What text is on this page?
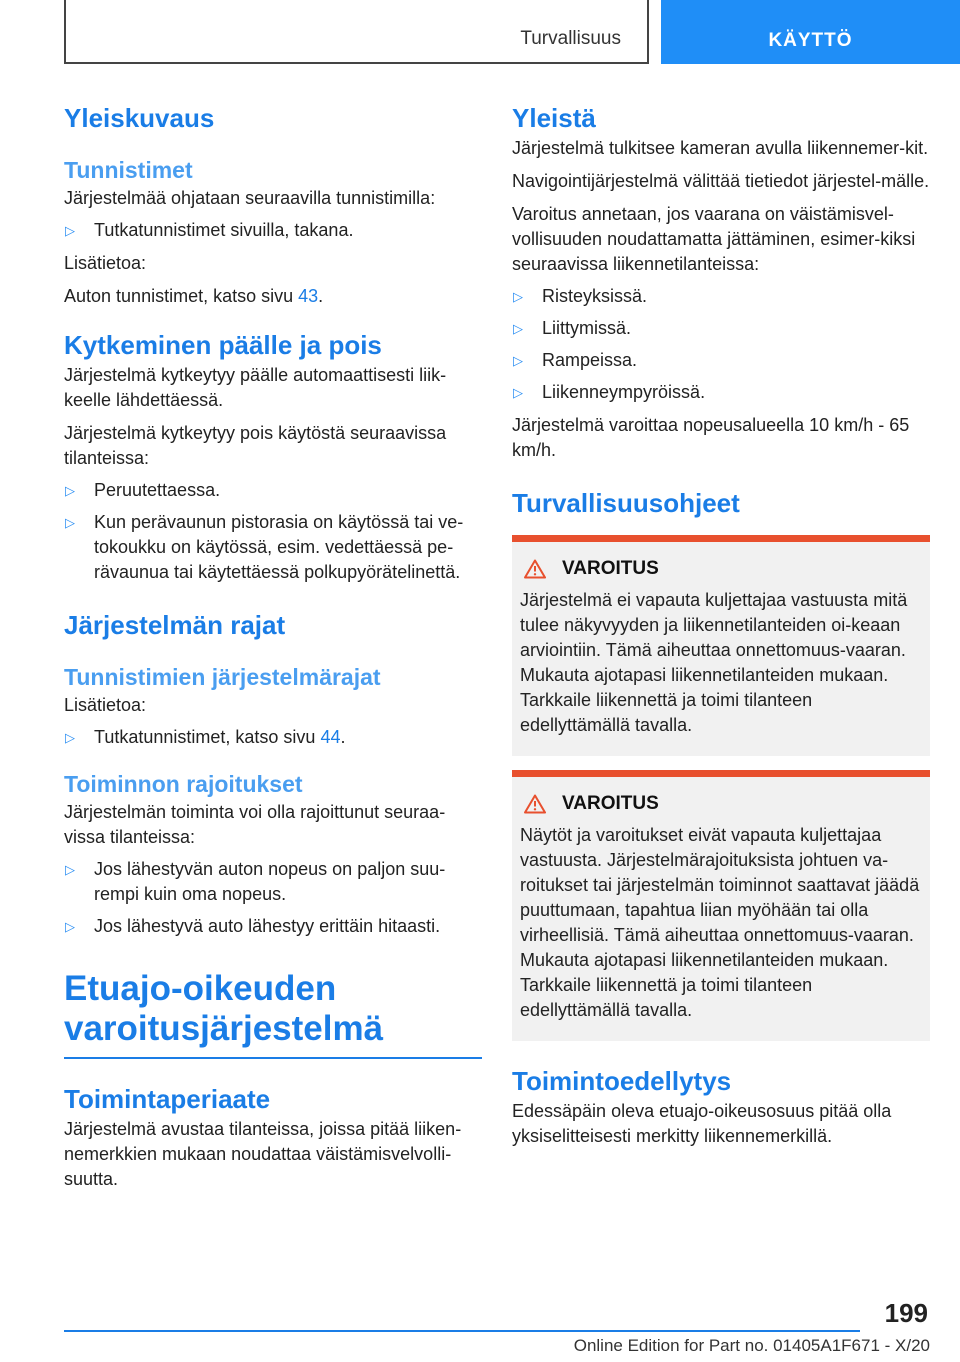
Turvallisuus	KÄYTTÖ
Yleiskuvaus
Tunnistimet

Järjestelmää ohjataan seuraavilla tunnistimilla:

▷	Tutkatunnistimet sivuilla, takana.

Lisätietoa:

Auton tunnistimet, katso sivu 43.

Kytkeminen päälle ja pois

Järjestelmä kytkeytyy päälle automaattisesti liik-keelle lähdettäessä.

Järjestelmä kytkeytyy pois käytöstä seuraavissa tilanteissa:

▷	Peruutettaessa.
▷	Kun perävaunun pistorasia on käytössä tai ve-tokoukku on käytössä, esim. vedettäessä pe-rävaunua tai käytettäessä polkupyörätelinettä.
Järjestelmän rajat
Tunnistimien järjestelmärajat

Lisätietoa:

▷	Tutkatunnistimet, katso sivu 44.
Toiminnon rajoitukset

Järjestelmän toiminta voi olla rajoittunut seuraa-vissa tilanteissa:

▷	Jos lähestyvän auton nopeus on paljon suu-rempi kuin oma nopeus.
▷	Jos lähestyvä auto lähestyy erittäin hitaasti.
Etuajo-oikeuden
varoitusjärjestelmä
Toimintaperiaate

Järjestelmä avustaa tilanteissa, joissa pitää liiken-nemerkkien mukaan noudattaa väistämisvelvolli-suutta.

Yleistä

Järjestelmä tulkitsee kameran avulla liikennemer-kit.

Navigointijärjestelmä välittää tietiedot järjestel-mälle.

Varoitus annetaan, jos vaarana on väistämisvel-vollisuuden noudattamatta jättäminen, esimer-kiksi seuraavissa liikennetilanteissa:

▷	Risteyksissä.
▷	Liittymissä.
▷	Rampeissa.
▷	Liikenneympyröissä.

Järjestelmä varoittaa nopeusalueella 10 km/h - 65 km/h.

Turvallisuusohjeet
VAROITUS

Järjestelmä ei vapauta kuljettajaa vastuusta mitä tulee näkyvyyden ja liikennetilanteiden oi-keaan arviointiin. Tämä aiheuttaa onnettomuus-vaaran. Mukauta ajotapasi liikennetilanteiden mukaan. Tarkkaile liikennettä ja toimi tilanteen edellyttämällä tavalla.

VAROITUS

Näytöt ja varoitukset eivät vapauta kuljettajaa vastuusta. Järjestelmärajoituksista johtuen va-roitukset tai järjestelmän toiminnot saattavat jäädä puuttumaan, tapahtua liian myöhään tai olla virheellisiä. Tämä aiheuttaa onnettomuus-vaaran. Mukauta ajotapasi liikennetilanteiden mukaan. Tarkkaile liikennettä ja toimi tilanteen edellyttämällä tavalla.

Toimintoedellytys

Edessäpäin oleva etuajo-oikeusosuus pitää olla yksiselitteisesti merkitty liikennemerkillä.

199
Online Edition for Part no. 01405A1F671 - X/20
